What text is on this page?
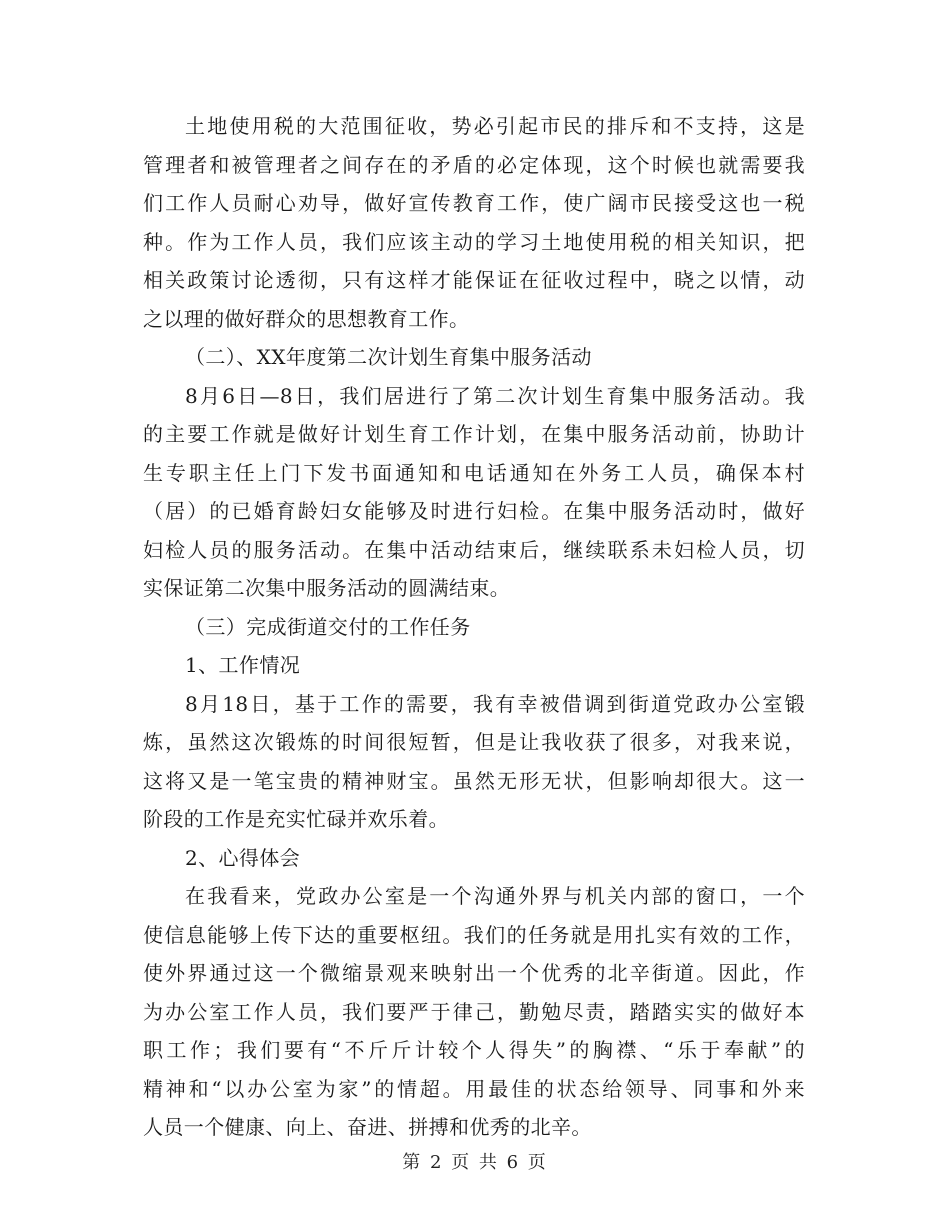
土地使用税的大范围征收，势必引起市民的排斥和不支持，这是
管理者和被管理者之间存在的矛盾的必定体现，这个时候也就需要我
们工作人员耐心劝导，做好宣传教育工作，使广阔市民接受这也一税
种。作为工作人员，我们应该主动的学习土地使用税的相关知识，把
相关政策讨论透彻，只有这样才能保证在征收过程中，晓之以情，动
之以理的做好群众的思想教育工作。
（二）、XX年度第二次计划生育集中服务活动
8月6日—8日，我们居进行了第二次计划生育集中服务活动。我
的主要工作就是做好计划生育工作计划，在集中服务活动前，协助计
生专职主任上门下发书面通知和电话通知在外务工人员，确保本村
（居）的已婚育龄妇女能够及时进行妇检。在集中服务活动时，做好
妇检人员的服务活动。在集中活动结束后，继续联系未妇检人员，切
实保证第二次集中服务活动的圆满结束。
（三）完成街道交付的工作任务
1、工作情况
8月18日，基于工作的需要，我有幸被借调到街道党政办公室锻
炼，虽然这次锻炼的时间很短暂，但是让我收获了很多，对我来说，
这将又是一笔宝贵的精神财宝。虽然无形无状，但影响却很大。这一
阶段的工作是充实忙碌并欢乐着。
2、心得体会
在我看来，党政办公室是一个沟通外界与机关内部的窗口，一个
使信息能够上传下达的重要枢纽。我们的任务就是用扎实有效的工作，
使外界通过这一个微缩景观来映射出一个优秀的北辛街道。因此，作
为办公室工作人员，我们要严于律己，勤勉尽责，踏踏实实的做好本
职工作；我们要有“不斤斤计较个人得失”的胸襟、“乐于奉献”的
精神和“以办公室为家”的情超。用最佳的状态给领导、同事和外来
人员一个健康、向上、奋进、拼搏和优秀的北辛。
第 2 页 共 6 页
